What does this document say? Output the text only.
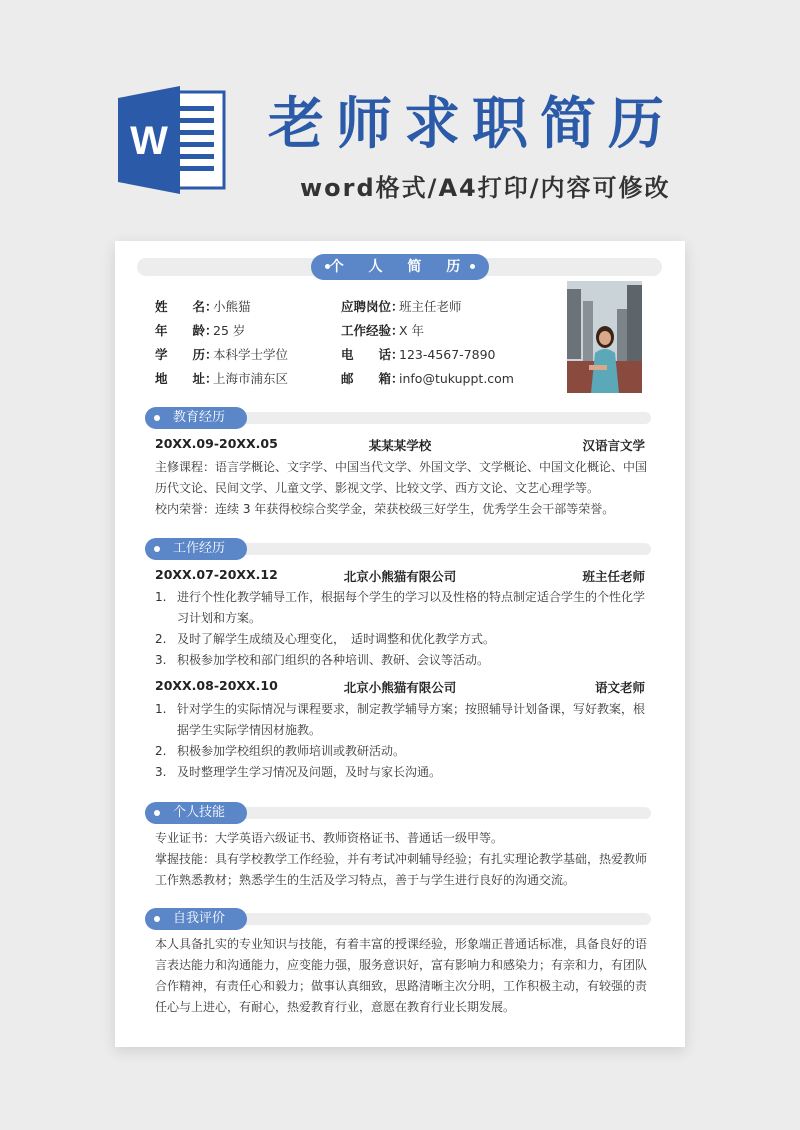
W 老师求职简历
word格式/A4打印/内容可修改
个 人 简 历
姓　　名：小熊猫
年　　龄：25 岁
学　　历：本科学士学位
地　　址：上海市浦东区
应聘岗位：班主任老师
工作经验：X 年
电　　话：123-4567-7890
邮　　箱：info@tukuppt.com
教育经历
20XX.09-20XX.05	某某某学校	汉语言文学
主修课程：语言学概论、文字学、中国当代文学、外国文学、文学概论、中国文化概论、中国历代文论、民间文学、儿童文学、影视文学、比较文学、西方文论、文艺心理学等。
校内荣誉：连续 3 年获得校综合奖学金，荣获校级三好学生，优秀学生会干部等荣誉。
工作经历
20XX.07-20XX.12	北京小熊猫有限公司	班主任老师
1. 进行个性化教学辅导工作，根据每个学生的学习以及性格的特点制定适合学生的个性化学习计划和方案。
2. 及时了解学生成绩及心理变化，　适时调整和优化教学方式。
3. 积极参加学校和部门组织的各种培训、教研、会议等活动。
20XX.08-20XX.10	北京小熊猫有限公司	语文老师
1. 针对学生的实际情况与课程要求，制定教学辅导方案；按照辅导计划备课，写好教案，根据学生实际学情因材施教。
2. 积极参加学校组织的教师培训或教研活动。
3. 及时整理学生学习情况及问题，及时与家长沟通。
个人技能
专业证书：大学英语六级证书、教师资格证书、普通话一级甲等。
掌握技能：具有学校教学工作经验，并有考试冲刺辅导经验；有扎实理论教学基础，热爱教师工作熟悉教材；熟悉学生的生活及学习特点，善于与学生进行良好的沟通交流。
自我评价
本人具备扎实的专业知识与技能，有着丰富的授课经验，形象端正普通话标准，具备良好的语言表达能力和沟通能力，应变能力强，服务意识好，富有影响力和感染力；有亲和力，有团队合作精神，有责任心和毅力；做事认真细致，思路清晰主次分明，工作积极主动，有较强的责任心与上进心，有耐心，热爱教育行业，意愿在教育行业长期发展。
